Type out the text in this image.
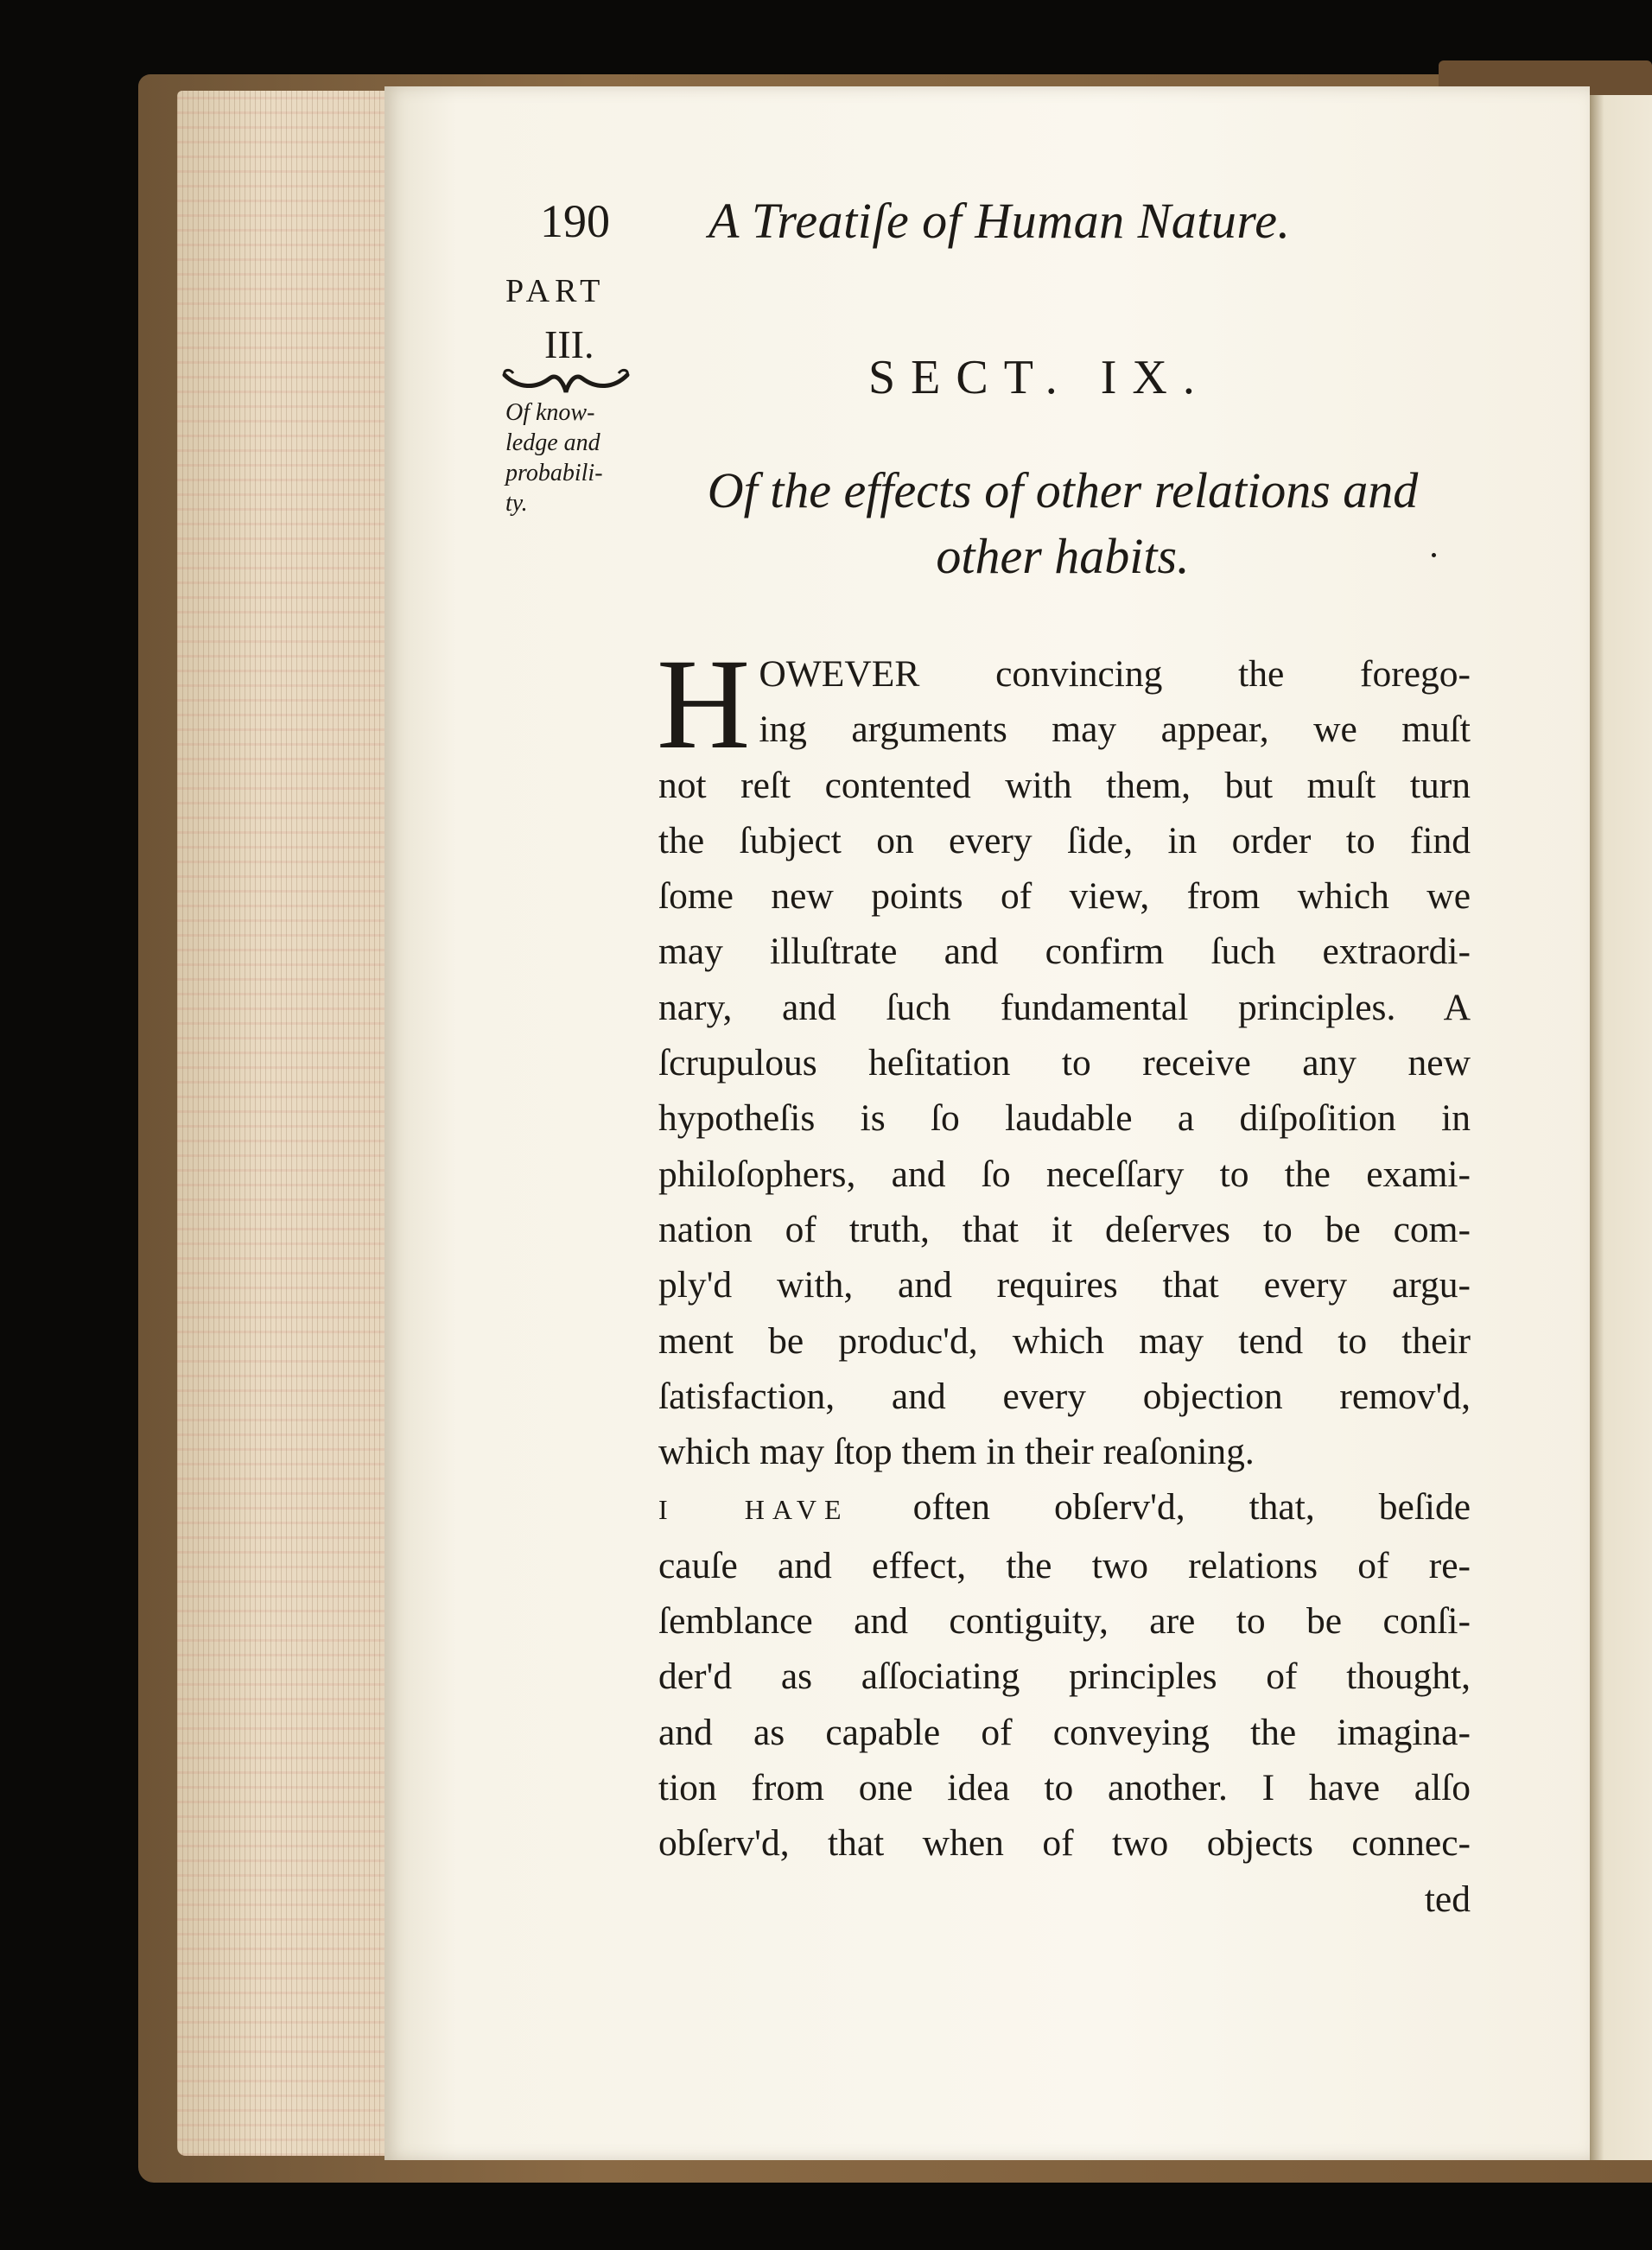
190 A Treatiſe of Human Nature.
PART
III.
Of know-
ledge and
probabili-
ty.
SECT. IX.
Of the effects of other relations and
other habits.
H OWEVER convincing the forego-
ing arguments may appear, we muſt
not reſt contented with them, but muſt turn
the ſubject on every ſide, in order to find
ſome new points of view, from which we
may illuſtrate and confirm ſuch extraordi-
nary, and ſuch fundamental principles. A
ſcrupulous heſitation to receive any new
hypotheſis is ſo laudable a diſpoſition in
philoſophers, and ſo neceſſary to the exami-
nation of truth, that it deſerves to be com-
ply'd with, and requires that every argu-
ment be produc'd, which may tend to their
ſatisfaction, and every objection remov'd,
which may ſtop them in their reaſoning.
I HAVE often obſerv'd, that, beſide
cauſe and effect, the two relations of re-
ſemblance and contiguity, are to be conſi-
der'd as aſſociating principles of thought,
and as capable of conveying the imagina-
tion from one idea to another. I have alſo
obſerv'd, that when of two objects connec-
ted
